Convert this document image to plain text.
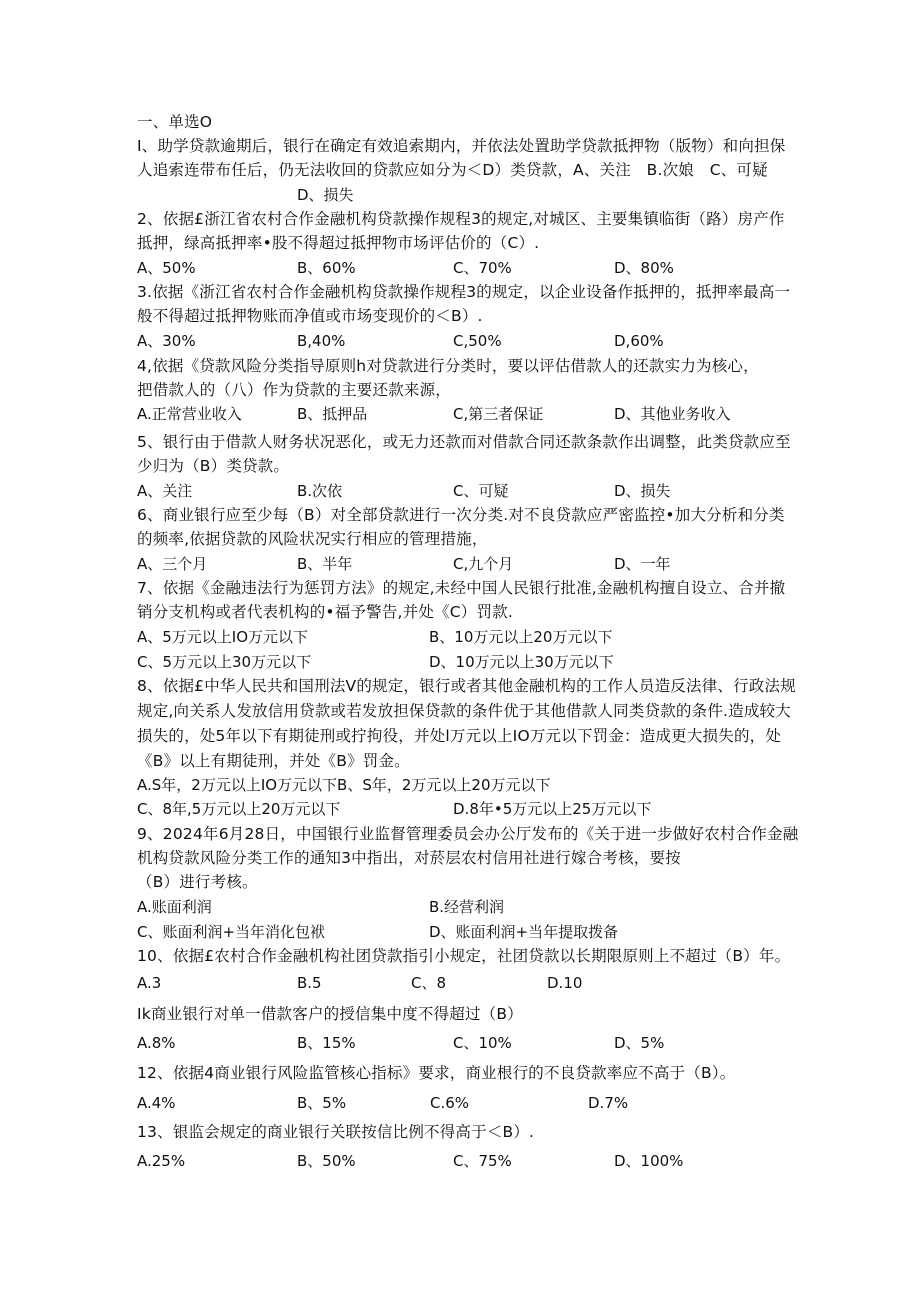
一、单选O
I、助学贷款逾期后，银行在确定有效追索期内，并依法处置助学贷款抵押物（版物）和向担保
人追索连带布任后，仍无法收回的贷款应如分为＜D）类贷款，A、关注　B.次娘　C、可疑
D、损失
2、依据£浙江省农村合作金融机构贷款操作规程3的规定,对城区、主要集镇临街（路）房产作
抵押，绿高抵押率•股不得超过抵押物市场评估价的（C）.
A、50%	B、60%	C、70%	D、80%
3.依据《浙江省农村合作金融机构贷款操作规程3的规定，以企业设备作抵押的，抵押率最高一
般不得超过抵押物账而净值或市场变现价的＜B）.
A、30%	B,40%	C,50%	D,60%
4,依据《贷款风险分类指导原则h对贷款进行分类时，要以评估借款人的还款实力为核心，
把借款人的（八）作为贷款的主要还款来源，
A.正常营业收入	B、抵押品	C,第三者保证	D、其他业务收入
5、银行由于借款人财务状况恶化，或无力还款而对借款合同还款条款作出调整，此类贷款应至
少归为（B）类贷款。
A、关注	B.次依	C、可疑	D、损失
6、商业银行应至少每（B）对全部贷款进行一次分类.对不良贷款应严密监控•加大分析和分类
的频率,依据贷款的风险状况实行相应的管理措施，
A、三个月	B、半年	C,九个月	D、一年
7、依据《金融违法行为惩罚方法》的规定,未经中国人民银行批准,金融机构擅自设立、合并撤
销分支机构或者代表机构的•福予警告,并处《C）罚款.
A、5万元以上IO万元以下	B、10万元以上20万元以下
C、5万元以上30万元以下	D、10万元以上30万元以下
8、依据£中华人民共和国刑法V的规定，银行或者其他金融机构的工作人员造反法律、行政法规
规定,向关系人发放信用贷款或若发放担保贷款的条件优于其他借款人同类贷款的条件.造成较大
损失的，处5年以下有期徒刑或拧拘役，并处l万元以上IO万元以下罚金：造成更大损失的，处
《B》以上有期徒刑，并处《B》罚金。
A.S年，2万元以上IO万元以下B、S年，2万元以上20万元以下
C、8年,5万元以上20万元以下	D.8年•5万元以上25万元以下
9、2024年6月28日，中国银行业监督管理委员会办公厅发布的《关于进一步做好农村合作金融
机构贷款风险分类工作的通知3中指出，对菸层农村信用社进行嫁合考核，要按
（B）进行考核。
A.账面利润	B.经营利润
C、账面利润+当年消化包袱	D、账面利润+当年提取拨备
10、依据£农村合作金融机构社团贷款指引小规定，社团贷款以长期限原则上不超过（B）年。
A.3	B.5	C、8	D.10
Ik商业银行对单一借款客户的授信集中度不得超过（B）
A.8%	B、15%	C、10%	D、5%
12、依据4商业银行风险监管核心指标》要求，商业根行的不良贷款率应不高于（B）。
A.4%	B、5%	C.6%	D.7%
13、银监会规定的商业银行关联按信比例不得高于＜B）.
A.25%	B、50%	C、75%	D、100%
